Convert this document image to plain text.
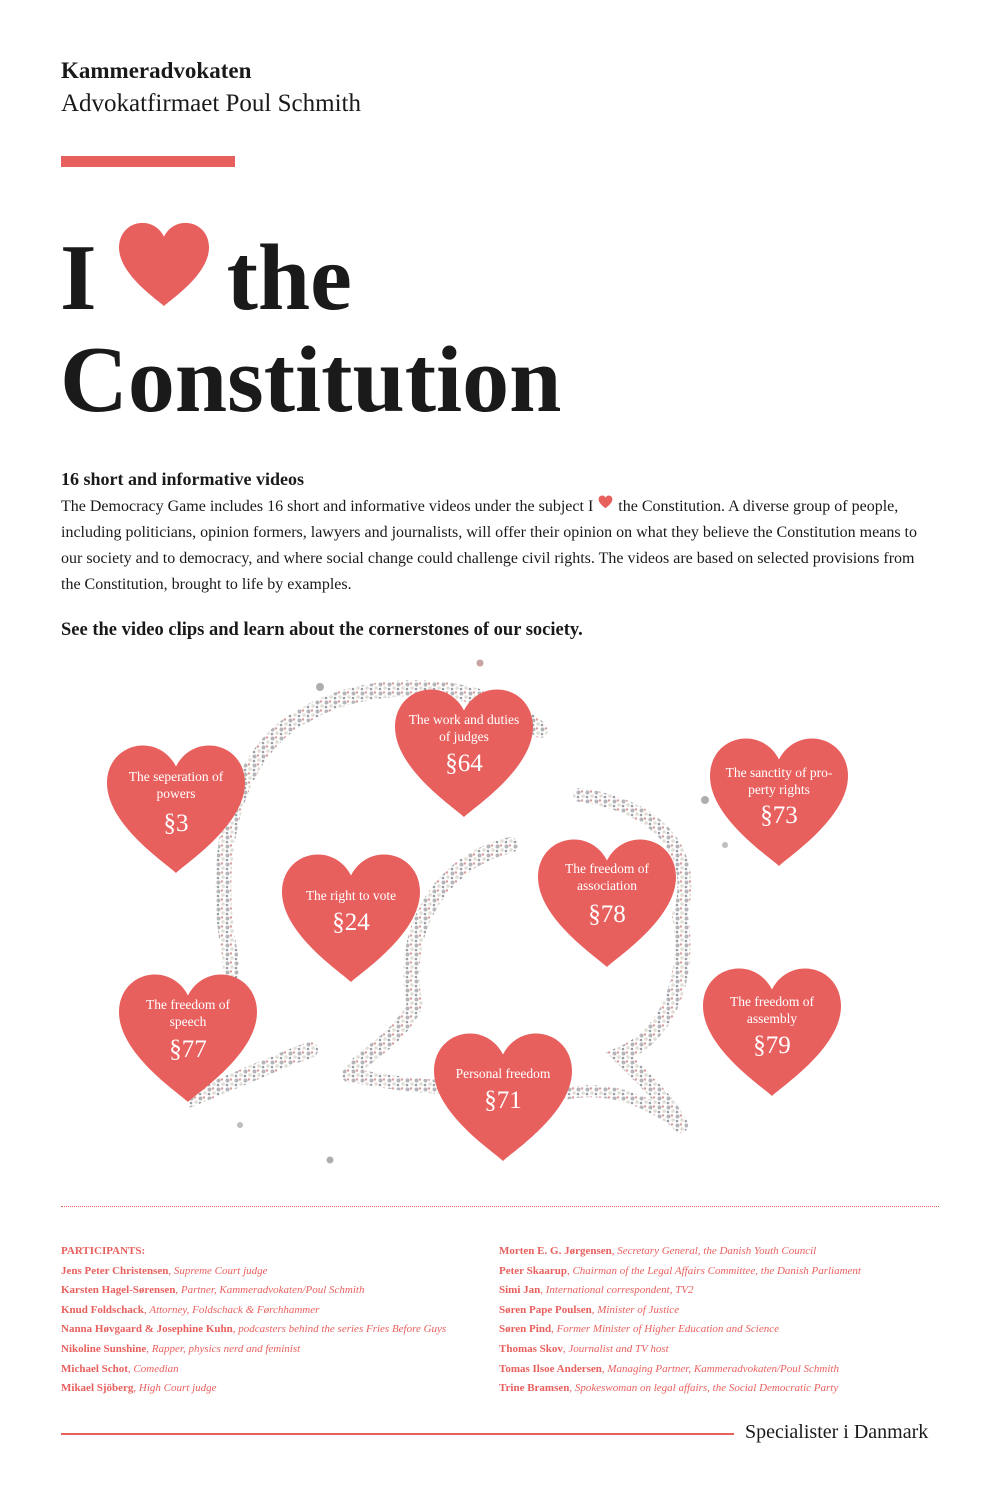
Kammeradvokaten
Advokatfirmaet Poul Schmith
I the
Constitution
16 short and informative videos
The Democracy Game includes 16 short and informative videos under the subject I the Constitution. A diverse group of people, including politicians, opinion formers, lawyers and journalists, will offer their opinion on what they believe the Constitution means to our society and to democracy, and where social change could challenge civil rights. The videos are based on selected provisions from the Constitution, brought to life by examples.
See the video clips and learn about the cornerstones of our society.
The seperation of powers
§3
The work and duties of judges
§64	The sanctity of pro-perty rights
§73
The right to vote
§24
The freedom of association
§78
The freedom of speech
§77
The freedom of assembly
§79
Personal freedom
§71
PARTICIPANTS:
Jens Peter Christensen, Supreme Court judge
Karsten Hagel-Sørensen, Partner, Kammeradvokaten/Poul Schmith
Knud Foldschack, Attorney, Foldschack & Førchhammer
Nanna Høvgaard & Josephine Kuhn, podcasters behind the series Fries Before Guys
Nikoline Sunshine, Rapper, physics nerd and feminist
Michael Schot, Comedian
Mikael Sjöberg, High Court judge
Morten E. G. Jørgensen, Secretary General, the Danish Youth Council
Peter Skaarup, Chairman of the Legal Affairs Committee, the Danish Parliament
Simi Jan, International correspondent, TV2
Søren Pape Poulsen, Minister of Justice
Søren Pind, Former Minister of Higher Education and Science
Thomas Skov, Journalist and TV host
Tomas Ilsoe Andersen, Managing Partner, Kammeradvokaten/Poul Schmith
Trine Bramsen, Spokeswoman on legal affairs, the Social Democratic Party
Specialister i Danmark
